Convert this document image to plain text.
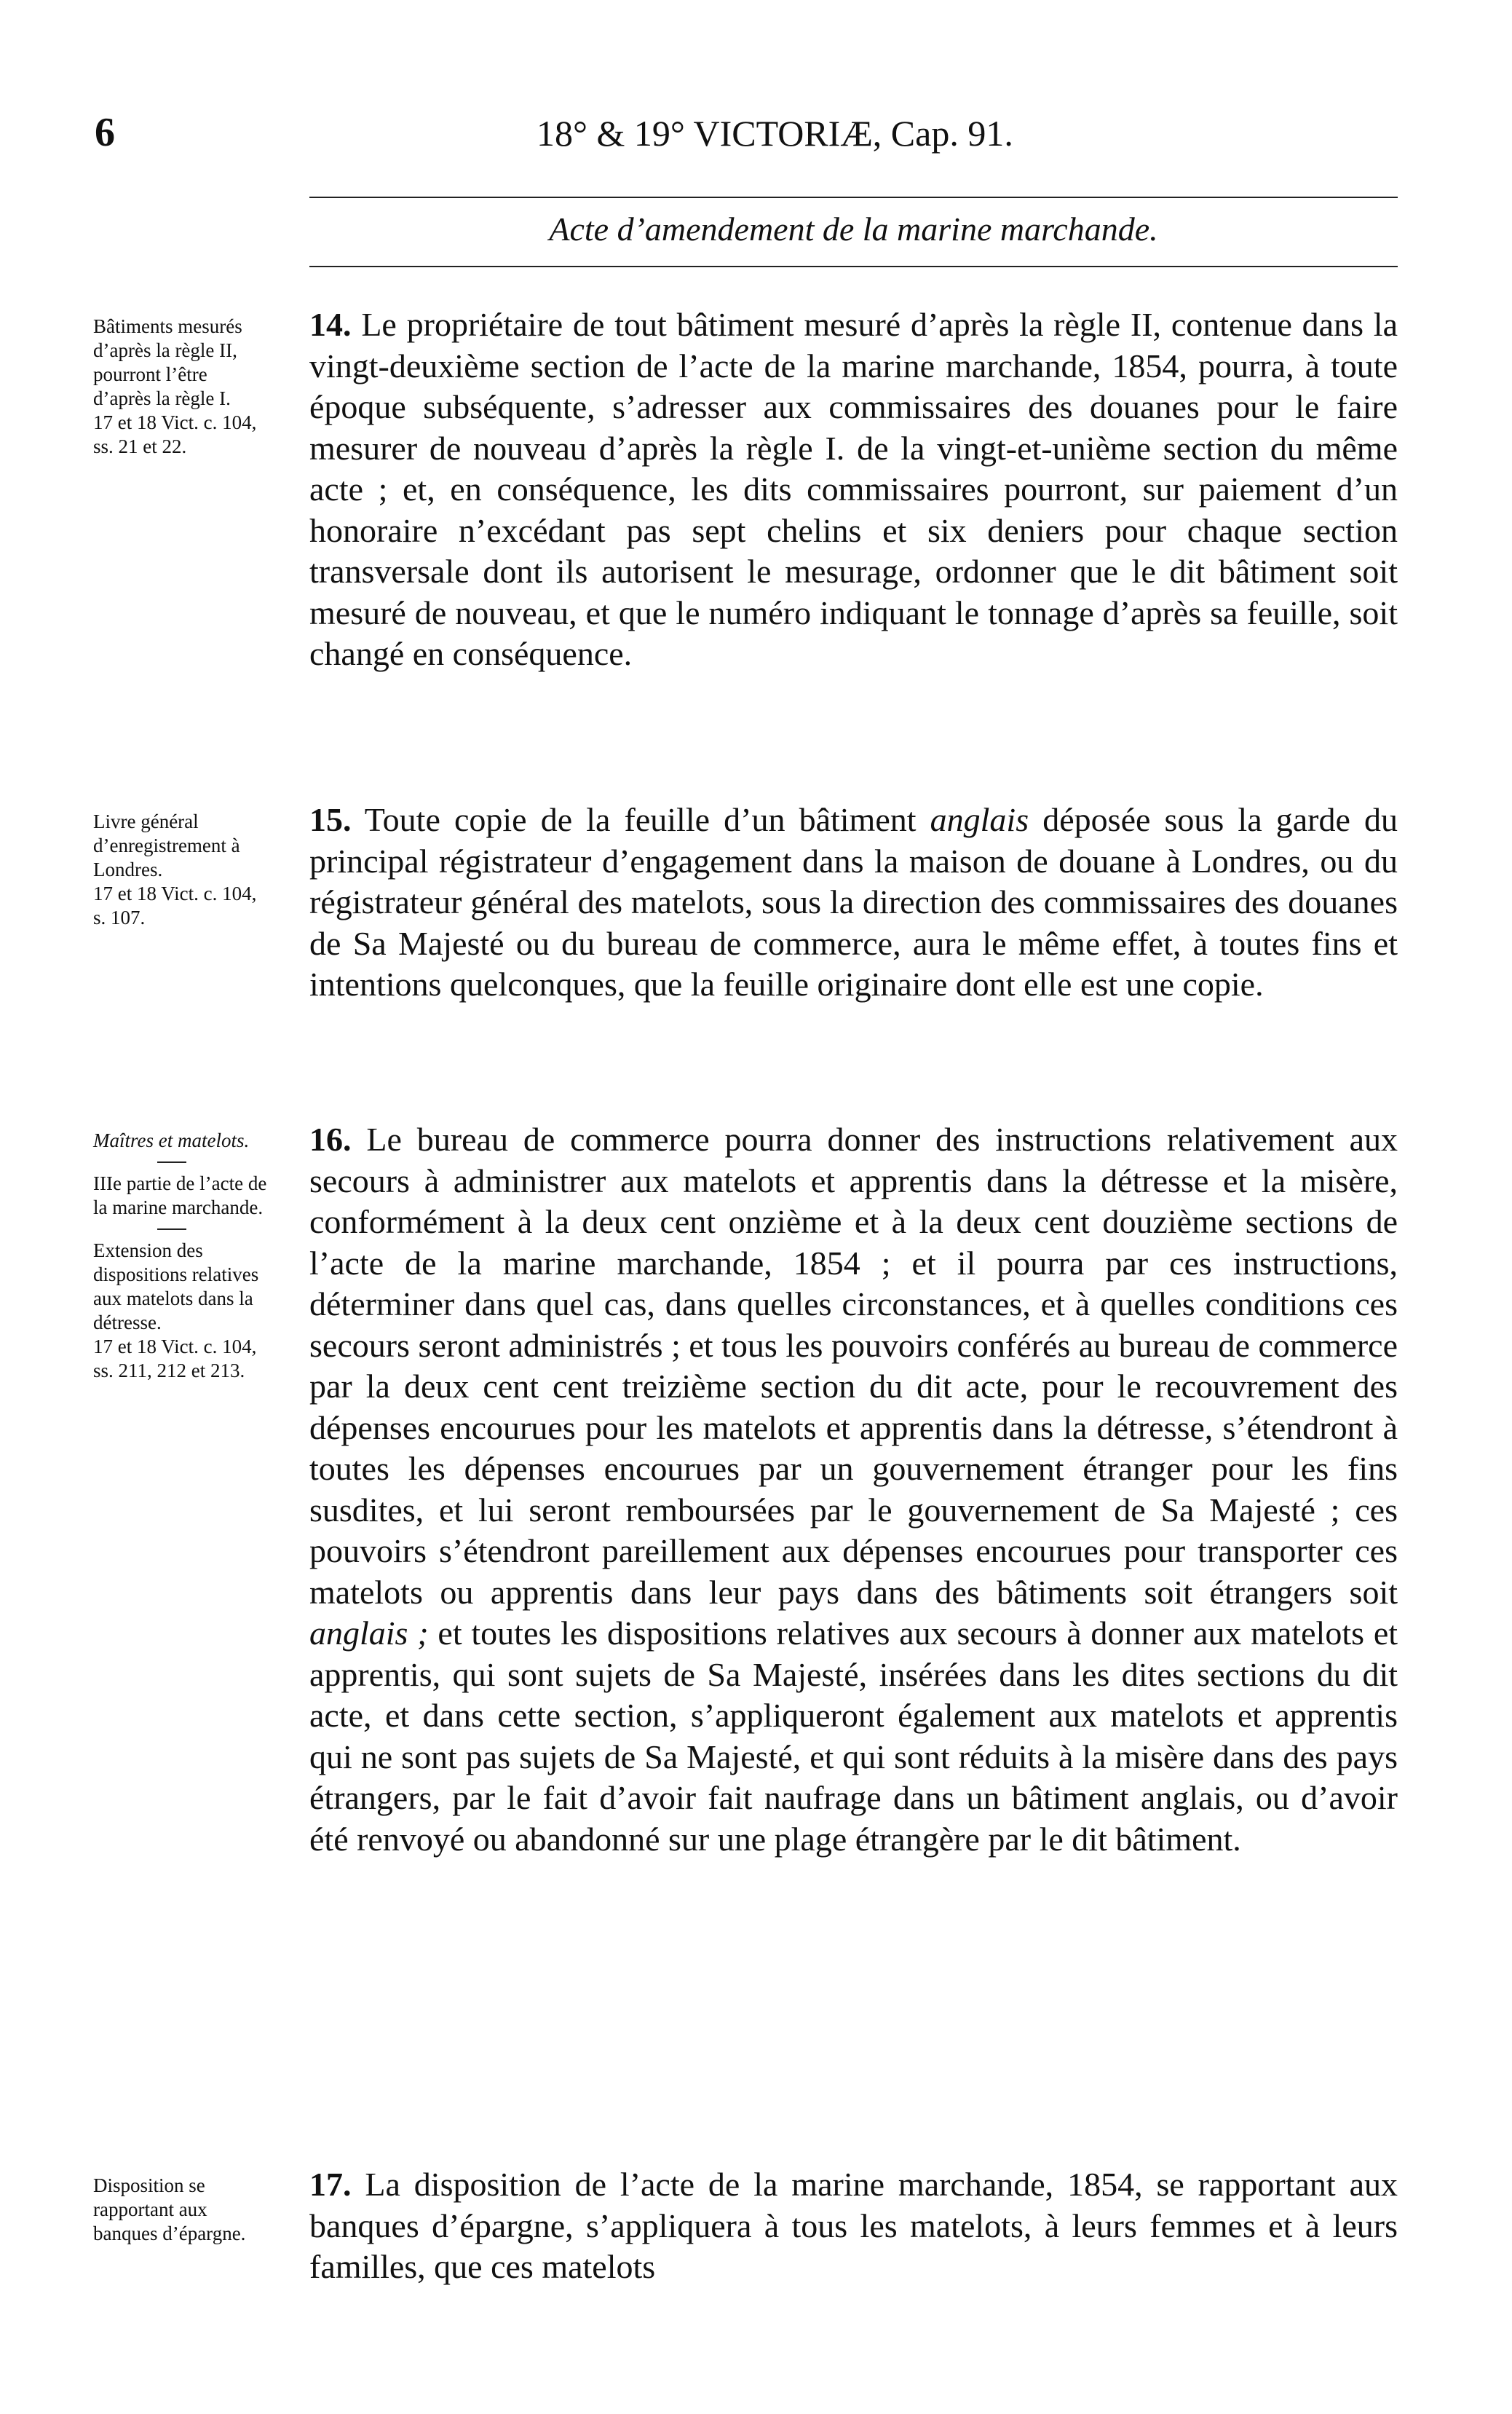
6	18° & 19° VICTORIÆ, Cap. 91.
Acte d’amendement de la marine marchande.

Bâtiments mesurés d’après la règle II, pourront l’être d’après la règle I.

17 et 18 Vict. c. 104, ss. 21 et 22.

Livre général d’enregistrement à Londres.

17 et 18 Vict. c. 104, s. 107.

Maîtres et matelots.

IIIe partie de l’acte de la marine marchande.

Extension des dispositions relatives aux matelots dans la détresse.

17 et 18 Vict. c. 104, ss. 211, 212 et 213.

Disposition se rapportant aux banques d’épargne.

14. Le propriétaire de tout bâtiment mesuré d’après la règle II, contenue dans la vingt-deuxième section de l’acte de la marine marchande, 1854, pourra, à toute époque subséquente, s’adresser aux commissaires des douanes pour le faire mesurer de nouveau d’après la règle I. de la vingt-et-unième section du même acte ; et, en conséquence, les dits commissaires pourront, sur paiement d’un honoraire n’excédant pas sept chelins et six deniers pour chaque section transversale dont ils autorisent le mesurage, ordonner que le dit bâtiment soit mesuré de nouveau, et que le numéro indiquant le tonnage d’après sa feuille, soit changé en conséquence.
15. Toute copie de la feuille d’un bâtiment anglais déposée sous la garde du principal régistrateur d’engagement dans la maison de douane à Londres, ou du régistrateur général des matelots, sous la direction des commissaires des douanes de Sa Majesté ou du bureau de commerce, aura le même effet, à toutes fins et intentions quelconques, que la feuille originaire dont elle est une copie.
16. Le bureau de commerce pourra donner des instructions relativement aux secours à administrer aux matelots et apprentis dans la détresse et la misère, conformément à la deux cent onzième et à la deux cent douzième sections de l’acte de la marine marchande, 1854 ; et il pourra par ces instructions, déterminer dans quel cas, dans quelles circonstances, et à quelles conditions ces secours seront administrés ; et tous les pouvoirs conférés au bureau de commerce par la deux cent cent treizième section du dit acte, pour le recouvrement des dépenses encourues pour les matelots et apprentis dans la détresse, s’étendront à toutes les dépenses encourues par un gouvernement étranger pour les fins susdites, et lui seront remboursées par le gouvernement de Sa Majesté ; ces pouvoirs s’étendront pareillement aux dépenses encourues pour transporter ces matelots ou apprentis dans leur pays dans des bâtiments soit étrangers soit anglais ; et toutes les dispositions relatives aux secours à donner aux matelots et apprentis, qui sont sujets de Sa Majesté, insérées dans les dites sections du dit acte, et dans cette section, s’appliqueront également aux matelots et apprentis qui ne sont pas sujets de Sa Majesté, et qui sont réduits à la misère dans des pays étrangers, par le fait d’avoir fait naufrage dans un bâtiment anglais, ou d’avoir été renvoyé ou abandonné sur une plage étrangère par le dit bâtiment.
17. La disposition de l’acte de la marine marchande, 1854, se rapportant aux banques d’épargne, s’appliquera à tous les matelots, à leurs femmes et à leurs familles, que ces matelots
